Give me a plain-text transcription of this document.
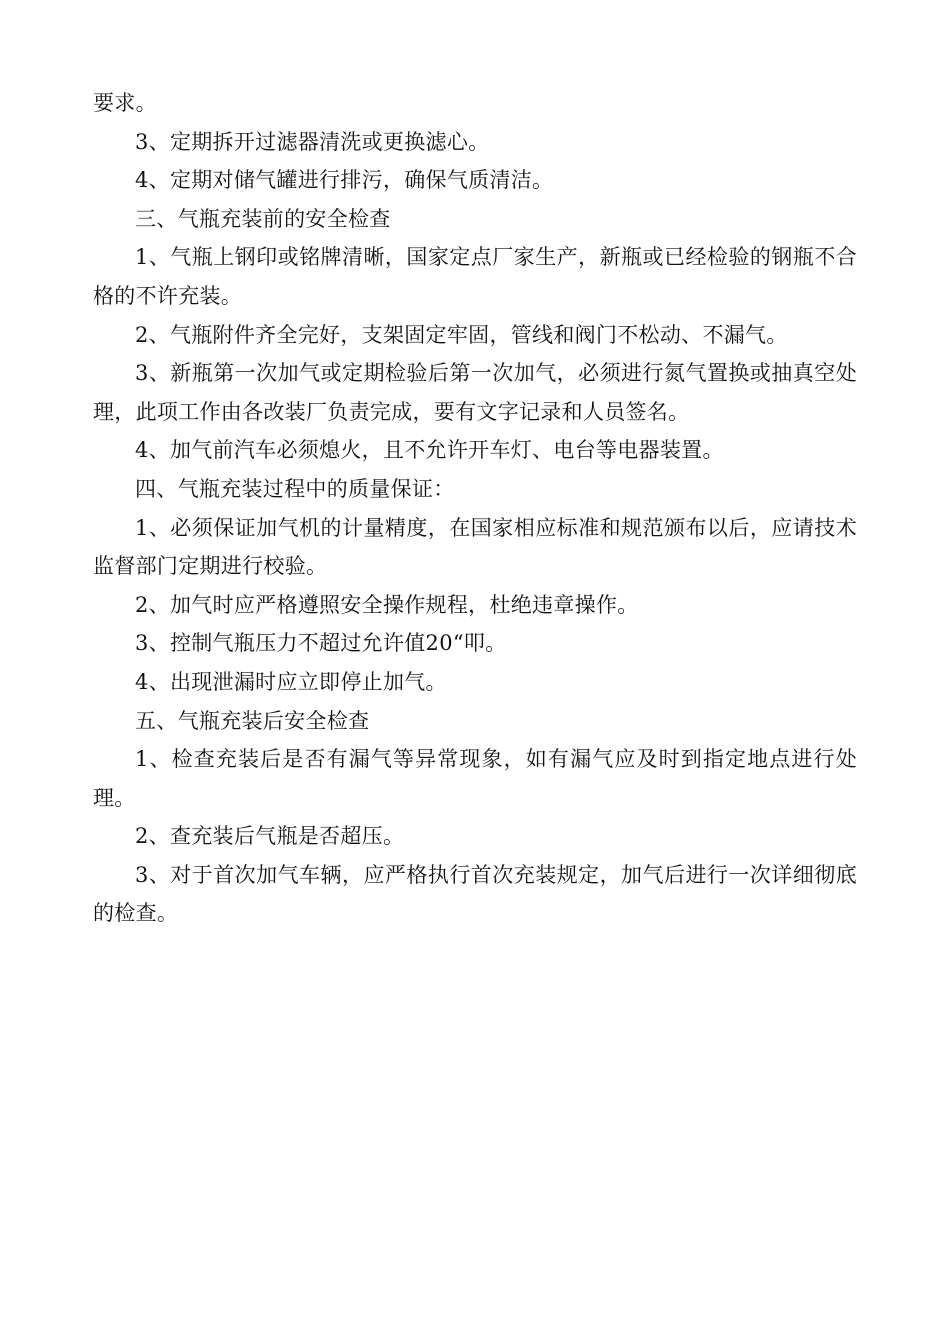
要求。

3、定期拆开过滤器清洗或更换滤心。

4、定期对储气罐进行排污，确保气质清洁。

三、气瓶充装前的安全检查

1、气瓶上钢印或铭牌清晰，国家定点厂家生产，新瓶或已经检验的钢瓶不合格的不许充装。

2、气瓶附件齐全完好，支架固定牢固，管线和阀门不松动、不漏气。

3、新瓶第一次加气或定期检验后第一次加气，必须进行氮气置换或抽真空处理，此项工作由各改装厂负责完成，要有文字记录和人员签名。

4、加气前汽车必须熄火，且不允许开车灯、电台等电器装置。

四、气瓶充装过程中的质量保证：

1、必须保证加气机的计量精度，在国家相应标准和规范颁布以后，应请技术监督部门定期进行校验。

2、加气时应严格遵照安全操作规程，杜绝违章操作。

3、控制气瓶压力不超过允许值20“叩。

4、出现泄漏时应立即停止加气。

五、气瓶充装后安全检查

1、检查充装后是否有漏气等异常现象，如有漏气应及时到指定地点进行处理。

2、查充装后气瓶是否超压。

3、对于首次加气车辆，应严格执行首次充装规定，加气后进行一次详细彻底的检查。
